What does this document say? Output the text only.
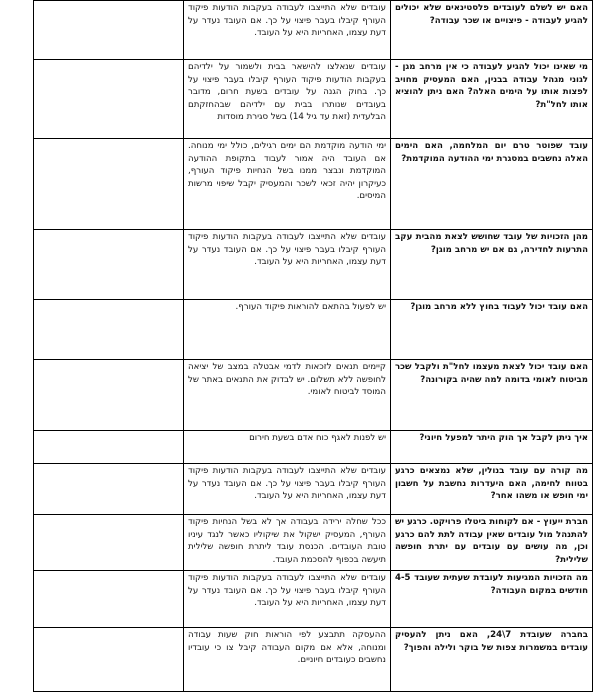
האם יש לשלם לעובדים פלסטינאים שלא יכולים להגיע לעבודה - פיצויים או שכר עבודה?	עובדים שלא התייצבו לעבודה בעקבות הודעות פיקוד העורף קיבלו בעבר פיצוי על כך. אם העובד נעדר על דעת עצמו, האחריות היא על העובד.	
מי שאינו יכול להגיע לעבודה כי אין מרחב מגן - לגוני מגהל עבודה בבנין, האם המעסיק מחויב לפצות אותו על הימים האלה? האם ניתן להוציא אותו לחל"ת?	עובדים שנאלצו להישאר בבית ולשמור על ילדיהם בעקבות הודעות פיקוד העורף קיבלו בעבר פיצוי על כך. בחוק הגנה על עובדים בשעת חרום, מדובר בעובדים שנותרו בבית עם ילדיהם שבהחזקתם הבלעדית (זאת עד גיל 14) בשל סגירת מוסדות	
עובד שפוטר טרם יום המלחמה, האם הימים האלה נחשבים במסגרת ימי ההודעה המוקדמת?	ימי הודעה מוקדמת הם ימים רגילים, כולל ימי מנוחה. אם העובד היה אמור לעבוד בתקופת ההודעה המוקדמת ונבצר ממנו בשל הנחיות פיקוד העורף, כעיקרון יהיה זכאי לשכר והמעסיק יקבל שיפוי מרשות המיסים.	
מהן הזכויות של עובד שחושש לצאת מהבית עקב התרעות לחדירה, גם אם יש מרחב מוגן?	עובדים שלא התייצבו לעבודה בעקבות הודעות פיקוד העורף קיבלו בעבר פיצוי על כך. אם העובד נעדר על דעת עצמו, האחריות היא על העובד.	
האם עובד יכול לעבוד בחוץ ללא מרחב מוגן?	יש לפעול בהתאם להוראות פיקוד העורף.	
האם עובד יכול לצאת מעצמו לחל"ת ולקבל שכר מביטוח לאומי בדומה למה שהיה בקורונה?	קיימים תנאים לזכאות לדמי אבטלה במצב של יציאה לחופשה ללא תשלום. יש לבדוק את התנאים באתר של המוסד לביטוח לאומי.	
איך ניתן לקבל אך הוק היתר למפעל חיוני?	יש לפנות לאגף כוח אדם בשעת חירום	
מה קורה עם עובד בנולין, שלא נמצאים כרגע בטווח לחימה, האם היעדרות נחשבת על חשבון ימי חופש או משהו אחר?	עובדים שלא התייצבו לעבודה בעקבות הודעות פיקוד העורף קיבלו בעבר פיצוי על כך. אם העובד נעדר על דעת עצמו, האחריות היא על העובד.	
חברת ייעוץ - אם לקוחות ביטלו פרויקט. כרגע יש להתנהל מול עובדים שאין עבודה לתת להם כרגע וכן, מה עושים עם עובדים עם יתרת חופשה שלילית?	ככל שחלה ירידה בעבודה אך לא בשל הנחיות פיקוד העורף, המעסיק ישקול את שיקוליו כאשר לנגד עיניו טובת העובדים. הכנסת עובד ליתרת חופשה שלילית תיעשה בכפוף להסכמת העובד.	
מה הזכויות המגיעות לעובדת שעתית שעובד 4-5 חודשים במקום העבודה?	עובדים שלא התייצבו לעבודה בעקבות הודעות פיקוד העורף קיבלו בעבר פיצוי על כך. אם העובד נעדר על דעת עצמו, האחריות היא על העובד.	
בחברה שעובדת 7\24, האם ניתן להעסיק עובדים במשמרות צפות של בוקר ולילה והפוך?	ההעסקה תתבצע לפי הוראות חוק שעות עבודה ומנוחה, אלא אם מקום העבודה קיבל צו כי עובדיו נחשבים כעובדים חיוניים.	
